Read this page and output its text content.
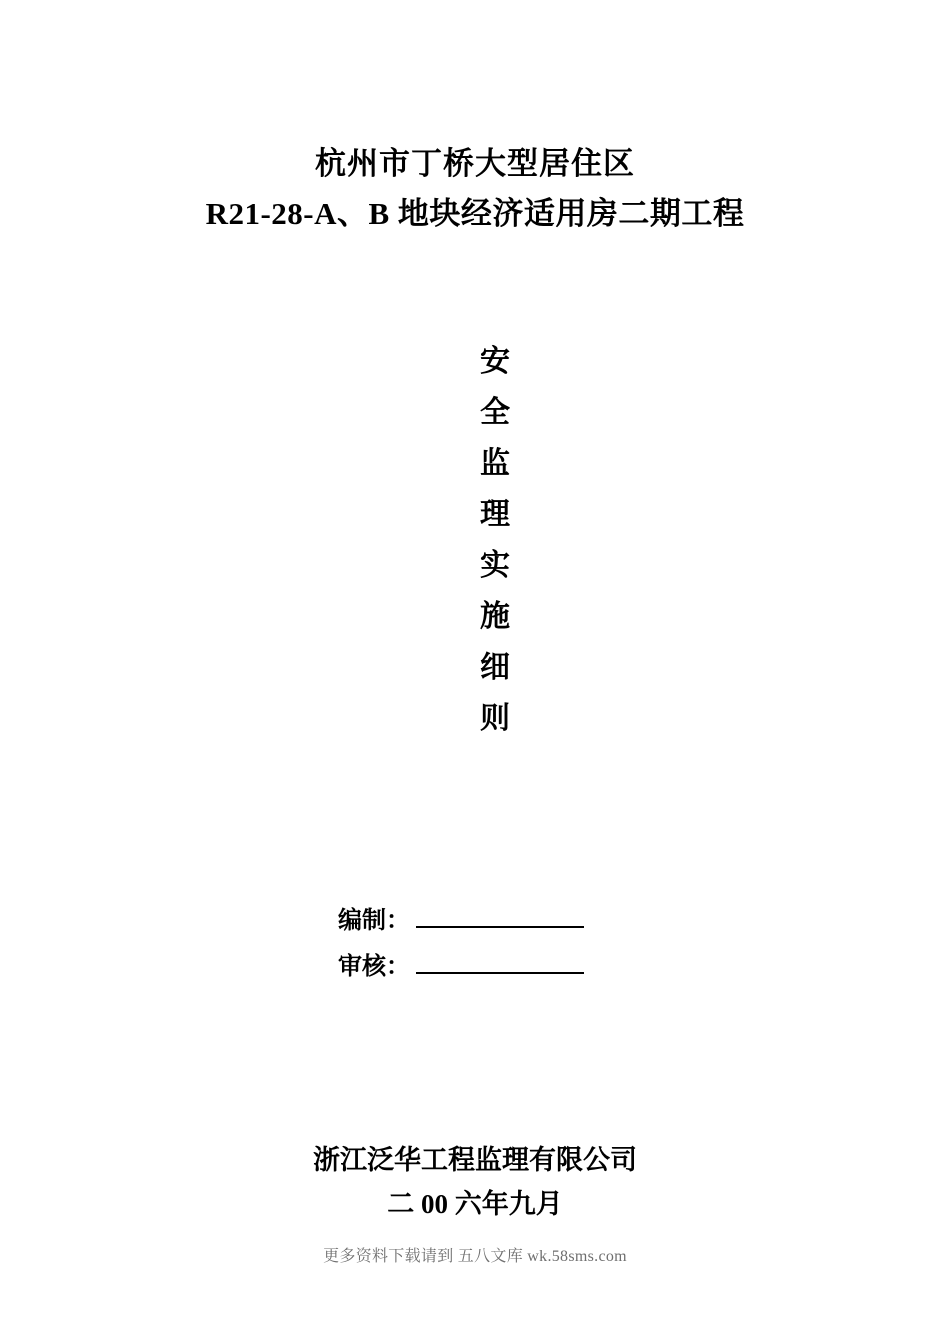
杭州市丁桥大型居住区
R21-28-A、B 地块经济适用房二期工程
安
全
监
理
实
施
细
则
编制：
审核：
浙江泛华工程监理有限公司
二 00 六年九月
更多资料下载请到 五八文库 wk.58sms.com
